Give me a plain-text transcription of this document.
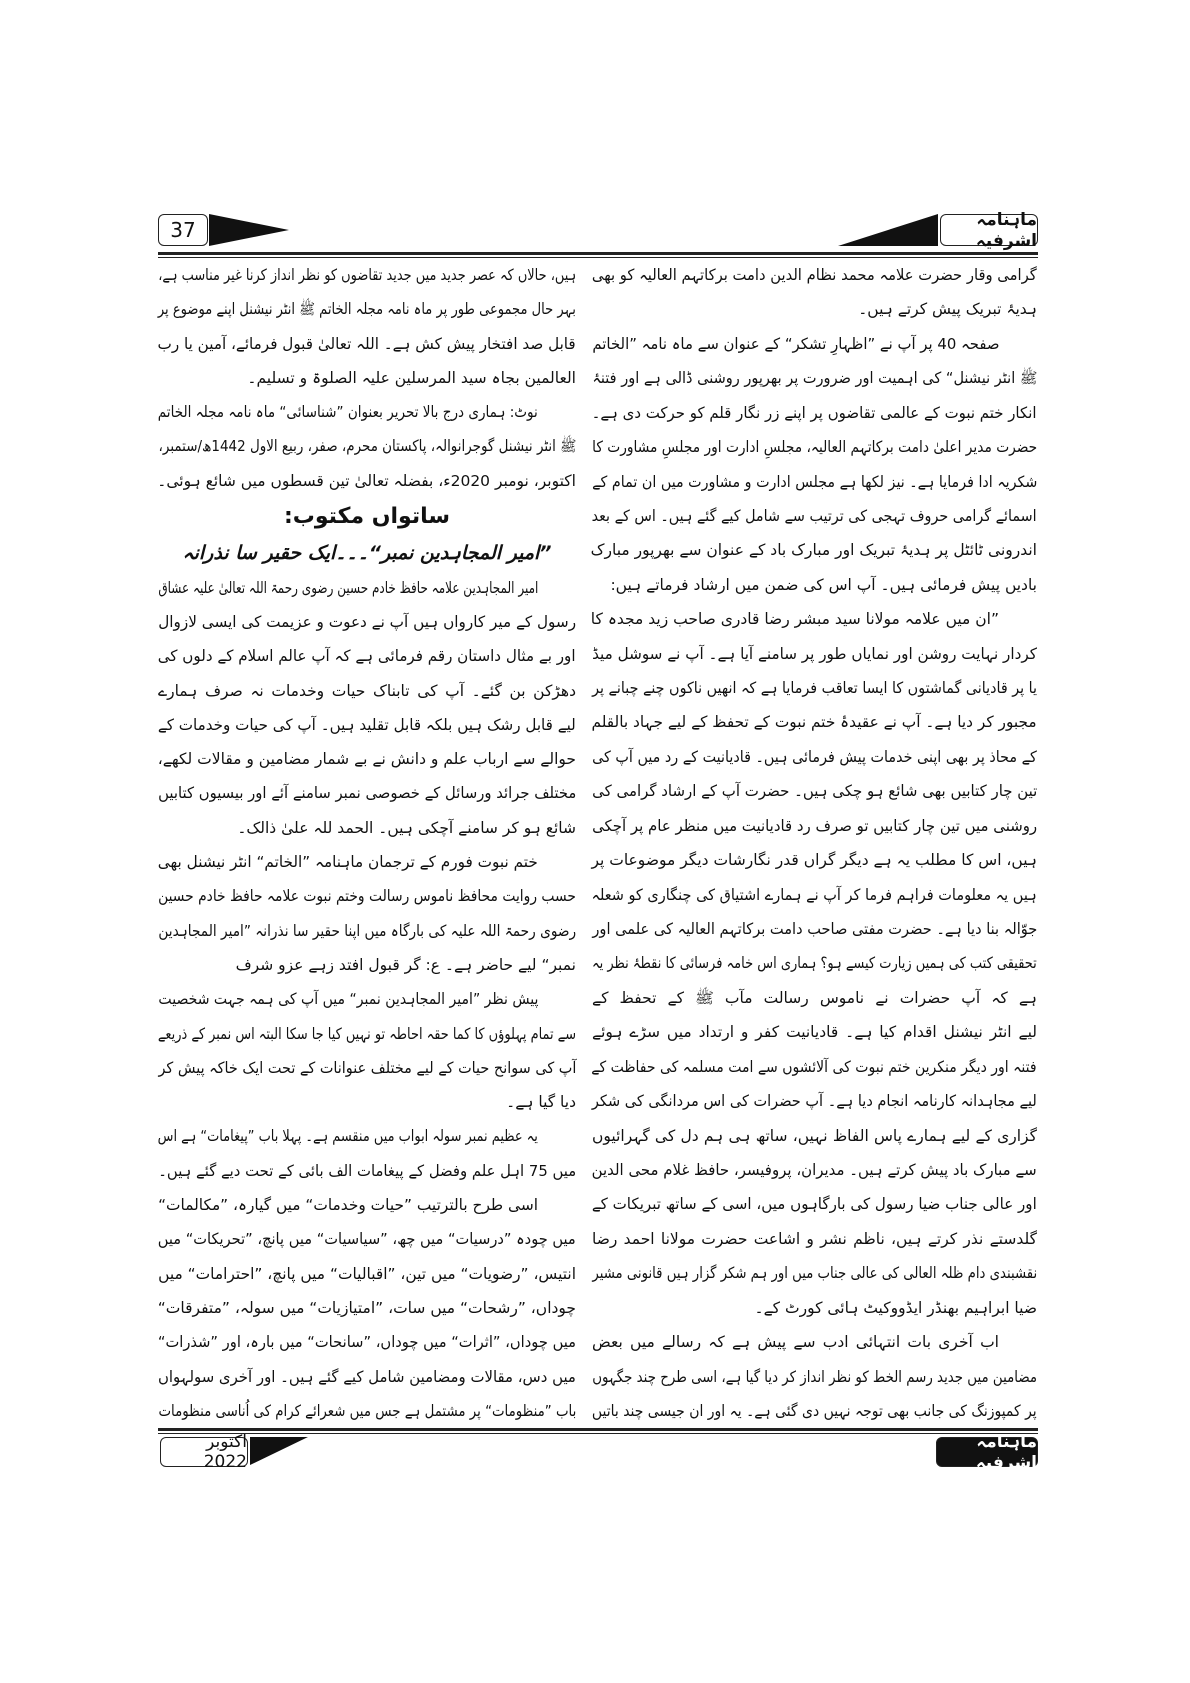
37	ماہنامہ اشرفیہ
ہیں، حالاں کہ عصر جدید میں جدید تقاضوں کو نظر انداز کرنا غیر مناسب ہے،
بہر حال مجموعی طور پر ماہ نامہ مجلہ الخاتم ﷺ انٹر نیشنل اپنے موضوع پر
قابل صد افتخار پیش کش ہے۔ اللہ تعالیٰ قبول فرمائے، آمین یا رب
العالمین بجاہ سید المرسلین علیہ الصلوۃ و تسلیم۔
نوٹ: ہماری درج بالا تحریر بعنوان ”شناسائی“ ماہ نامہ مجلہ الخاتم
ﷺ انٹر نیشنل گوجرانوالہ، پاکستان محرم، صفر، ربیع الاول 1442ھ/ستمبر،
اکتوبر، نومبر 2020ء، بفضلہ تعالیٰ تین قسطوں میں شائع ہوئی۔
ساتواں مکتوب:
”امیر المجاہدین نمبر“۔۔۔ایک حقیر سا نذرانہ
امیر المجاہدین علامہ حافظ خادم حسین رضوی رحمۃ اللہ تعالیٰ علیہ عشاق
رسول کے میر کارواں ہیں آپ نے دعوت و عزیمت کی ایسی لازوال
اور بے مثال داستان رقم فرمائی ہے کہ آپ عالم اسلام کے دلوں کی
دھڑکن بن گئے۔ آپ کی تابناک حیات وخدمات نہ صرف ہمارے
لیے قابل رشک ہیں بلکہ قابل تقلید ہیں۔ آپ کی حیات وخدمات کے
حوالے سے ارباب علم و دانش نے بے شمار مضامین و مقالات لکھے،
مختلف جرائد ورسائل کے خصوصی نمبر سامنے آئے اور بیسیوں کتابیں
شائع ہو کر سامنے آچکی ہیں۔ الحمد للہ علیٰ ذالک۔
ختم نبوت فورم کے ترجمان ماہنامہ ”الخاتم“ انٹر نیشنل بھی
حسب روایت محافظ ناموس رسالت وختم نبوت علامہ حافظ خادم حسین
رضوی رحمۃ اللہ علیہ کی بارگاہ میں اپنا حقیر سا نذرانہ ”امیر المجاہدین
نمبر“ لیے حاضر ہے۔ ع: گر قبول افتد زہے عزو شرف
پیش نظر ”امیر المجاہدین نمبر“ میں آپ کی ہمہ جہت شخصیت
سے تمام پہلوؤں کا کما حقہ احاطہ تو نہیں کیا جا سکا البتہ اس نمبر کے ذریعے
آپ کی سوانح حیات کے لیے مختلف عنوانات کے تحت ایک خاکہ پیش کر
دیا گیا ہے۔
یہ عظیم نمبر سولہ ابواب میں منقسم ہے۔ پہلا باب ”پیغامات“ ہے اس
میں 75 اہل علم وفضل کے پیغامات الف بائی کے تحت دیے گئے ہیں۔
اسی طرح بالترتیب ”حیات وخدمات“ میں گیارہ، ”مکالمات“
میں چودہ ”درسیات“ میں چھ، ”سیاسیات“ میں پانچ، ”تحریکات“ میں
انتیس، ”رضویات“ میں تین، ”اقبالیات“ میں پانچ، ”احترامات“ میں
چوداں، ”رشحات“ میں سات، ”امتیازیات“ میں سولہ، ”متفرقات“
میں چوداں، ”اثرات“ میں چوداں، ”سانحات“ میں بارہ، اور ”شذرات“
میں دس، مقالات ومضامین شامل کیے گئے ہیں۔ اور آخری سولہواں
باب ”منظومات“ پر مشتمل ہے جس میں شعرائے کرام کی اُناسی منظومات
گرامی وقار حضرت علامہ محمد نظام الدین دامت برکاتہم العالیہ کو بھی
ہدیۂ تبریک پیش کرتے ہیں۔
صفحہ 40 پر آپ نے ”اظہارِ تشکر“ کے عنوان سے ماہ نامہ ”الخاتم
ﷺ انٹر نیشنل“ کی اہمیت اور ضرورت پر بھرپور روشنی ڈالی ہے اور فتنۂ
انکار ختم نبوت کے عالمی تقاضوں پر اپنے زر نگار قلم کو حرکت دی ہے۔
حضرت مدیر اعلیٰ دامت برکاتہم العالیہ، مجلسِ ادارت اور مجلسِ مشاورت کا
شکریہ ادا فرمایا ہے۔ نیز لکھا ہے مجلس ادارت و مشاورت میں ان تمام کے
اسمائے گرامی حروف تہجی کی ترتیب سے شامل کیے گئے ہیں۔ اس کے بعد
اندرونی ٹائٹل پر ہدیۂ تبریک اور مبارک باد کے عنوان سے بھرپور مبارک
بادیں پیش فرمائی ہیں۔ آپ اس کی ضمن میں ارشاد فرماتے ہیں:
”ان میں علامہ مولانا سید مبشر رضا قادری صاحب زید مجدہ کا
کردار نہایت روشن اور نمایاں طور پر سامنے آیا ہے۔ آپ نے سوشل میڈ
یا پر قادیانی گماشتوں کا ایسا تعاقب فرمایا ہے کہ انھیں ناکوں چنے چبانے پر
مجبور کر دیا ہے۔ آپ نے عقیدۂ ختم نبوت کے تحفظ کے لیے جہاد بالقلم
کے محاذ پر بھی اپنی خدمات پیش فرمائی ہیں۔ قادیانیت کے رد میں آپ کی
تین چار کتابیں بھی شائع ہو چکی ہیں۔ حضرت آپ کے ارشاد گرامی کی
روشنی میں تین چار کتابیں تو صرف رد قادیانیت میں منظر عام پر آچکی
ہیں، اس کا مطلب یہ ہے دیگر گراں قدر نگارشات دیگر موضوعات پر
ہیں یہ معلومات فراہم فرما کر آپ نے ہمارے اشتیاق کی چنگاری کو شعلہ
جوّالہ بنا دیا ہے۔ حضرت مفتی صاحب دامت برکاتہم العالیہ کی علمی اور
تحقیقی کتب کی ہمیں زیارت کیسے ہو؟ ہماری اس خامہ فرسائی کا نقطۂ نظر یہ
ہے کہ آپ حضرات نے ناموس رسالت مآب ﷺ کے تحفظ کے
لیے انٹر نیشنل اقدام کیا ہے۔ قادیانیت کفر و ارتداد میں سڑے ہوئے
فتنہ اور دیگر منکرین ختم نبوت کی آلائشوں سے امت مسلمہ کی حفاظت کے
لیے مجاہدانہ کارنامہ انجام دیا ہے۔ آپ حضرات کی اس مردانگی کی شکر
گزاری کے لیے ہمارے پاس الفاظ نہیں، ساتھ ہی ہم دل کی گہرائیوں
سے مبارک باد پیش کرتے ہیں۔ مدیران، پروفیسر، حافظ غلام محی الدین
اور عالی جناب ضیا رسول کی بارگاہوں میں، اسی کے ساتھ تبریکات کے
گلدستے نذر کرتے ہیں، ناظم نشر و اشاعت حضرت مولانا احمد رضا
نقشبندی دام ظلہ العالی کی عالی جناب میں اور ہم شکر گزار ہیں قانونی مشیر
ضیا ابراہیم بھنڈر ایڈووکیٹ ہائی کورٹ کے۔
اب آخری بات انتہائی ادب سے پیش ہے کہ رسالے میں بعض
مضامین میں جدید رسم الخط کو نظر انداز کر دیا گیا ہے، اسی طرح چند جگہوں
پر کمپوزنگ کی جانب بھی توجہ نہیں دی گئی ہے۔ یہ اور ان جیسی چند باتیں
اکتوبر 2022
ماہنامہ اشرفیہ
